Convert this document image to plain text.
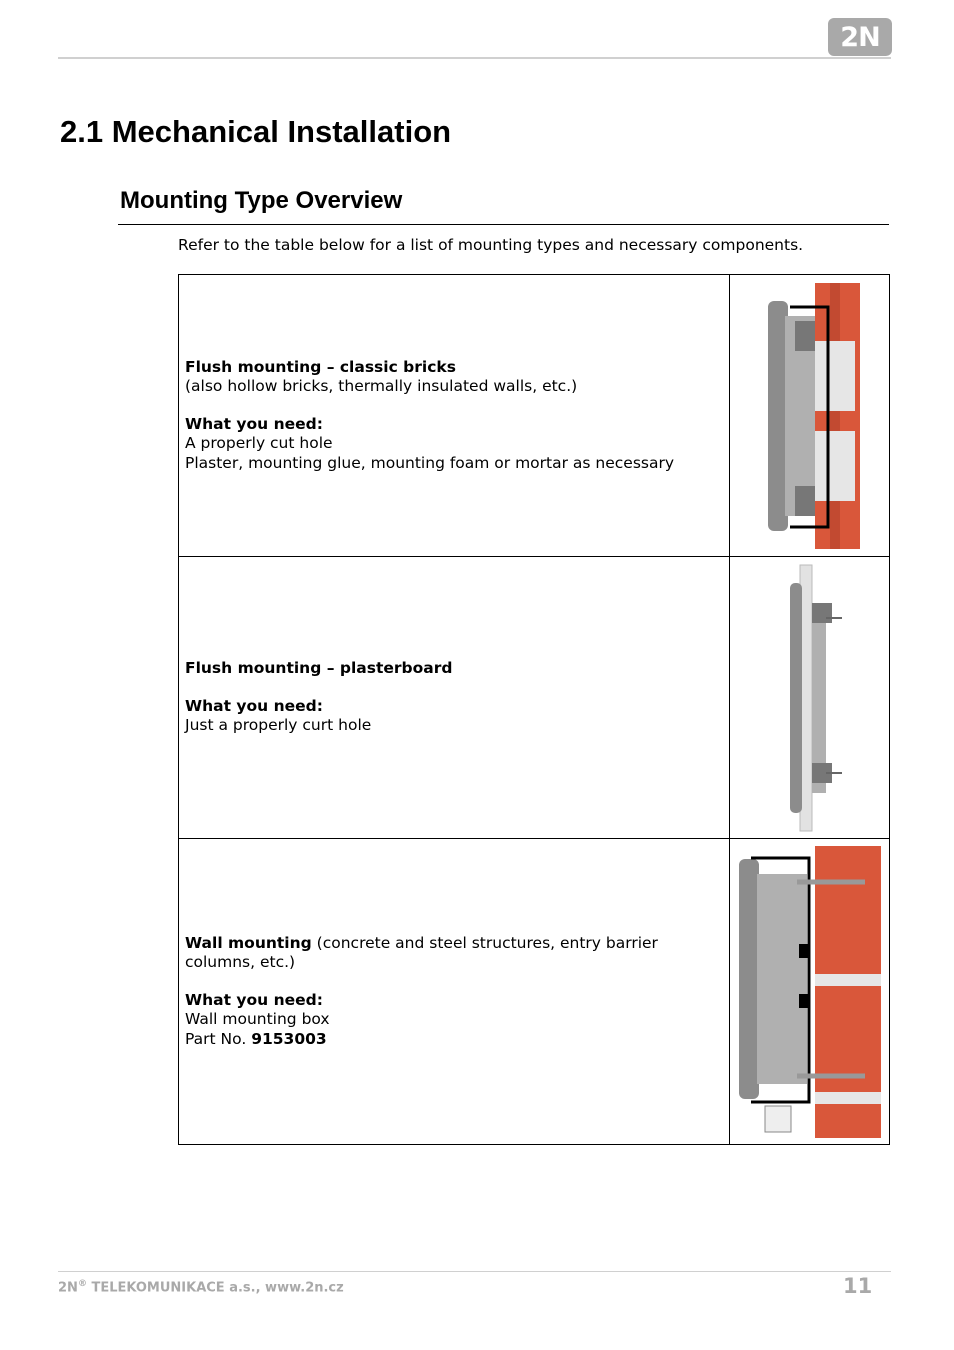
2N
2.1 Mechanical Installation
Mounting Type Overview

Refer to the table below for a list of mounting types and necessary components.

Flush mounting – classic bricks

(also hollow bricks, thermally insulated walls, etc.)

What you need:

A properly cut hole

Plaster, mounting glue, mounting foam or mortar as necessary

Flush mounting – plasterboard

What you need:

Just a properly curt hole

Wall mounting (concrete and steel structures, entry barrier columns, etc.)

What you need:

Wall mounting box

Part No. 9153003

2N® TELEKOMUNIKACE a.s., www.2n.cz	11
